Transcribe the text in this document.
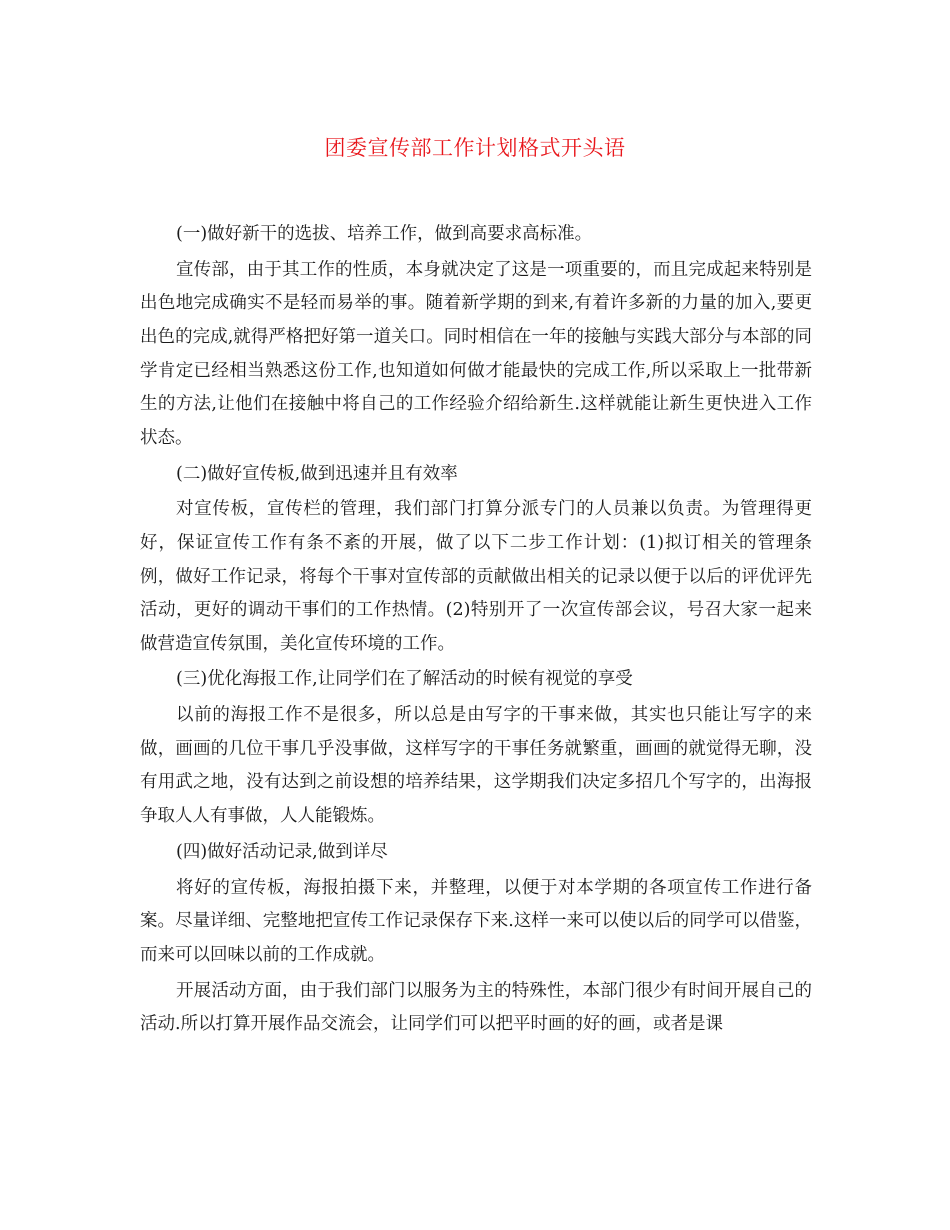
团委宣传部工作计划格式开头语

(一)做好新干的选拔、培养工作，做到高要求高标准。

宣传部，由于其工作的性质，本身就决定了这是一项重要的，而且完成起来特别是出色地完成确实不是轻而易举的事。随着新学期的到来,有着许多新的力量的加入,要更出色的完成,就得严格把好第一道关口。同时相信在一年的接触与实践大部分与本部的同学肯定已经相当熟悉这份工作,也知道如何做才能最快的完成工作,所以采取上一批带新生的方法,让他们在接触中将自己的工作经验介绍给新生.这样就能让新生更快进入工作状态。

(二)做好宣传板,做到迅速并且有效率

对宣传板，宣传栏的管理，我们部门打算分派专门的人员兼以负责。为管理得更好，保证宣传工作有条不紊的开展，做了以下二步工作计划：(1)拟订相关的管理条例，做好工作记录，将每个干事对宣传部的贡献做出相关的记录以便于以后的评优评先活动，更好的调动干事们的工作热情。(2)特别开了一次宣传部会议，号召大家一起来做营造宣传氛围，美化宣传环境的工作。

(三)优化海报工作,让同学们在了解活动的时候有视觉的享受

以前的海报工作不是很多，所以总是由写字的干事来做，其实也只能让写字的来做，画画的几位干事几乎没事做，这样写字的干事任务就繁重，画画的就觉得无聊，没有用武之地，没有达到之前设想的培养结果，这学期我们决定多招几个写字的，出海报争取人人有事做，人人能锻炼。

(四)做好活动记录,做到详尽

将好的宣传板，海报拍摄下来，并整理，以便于对本学期的各项宣传工作进行备案。尽量详细、完整地把宣传工作记录保存下来.这样一来可以使以后的同学可以借鉴，而来可以回味以前的工作成就。

开展活动方面，由于我们部门以服务为主的特殊性，本部门很少有时间开展自己的活动.所以打算开展作品交流会，让同学们可以把平时画的好的画，或者是课
